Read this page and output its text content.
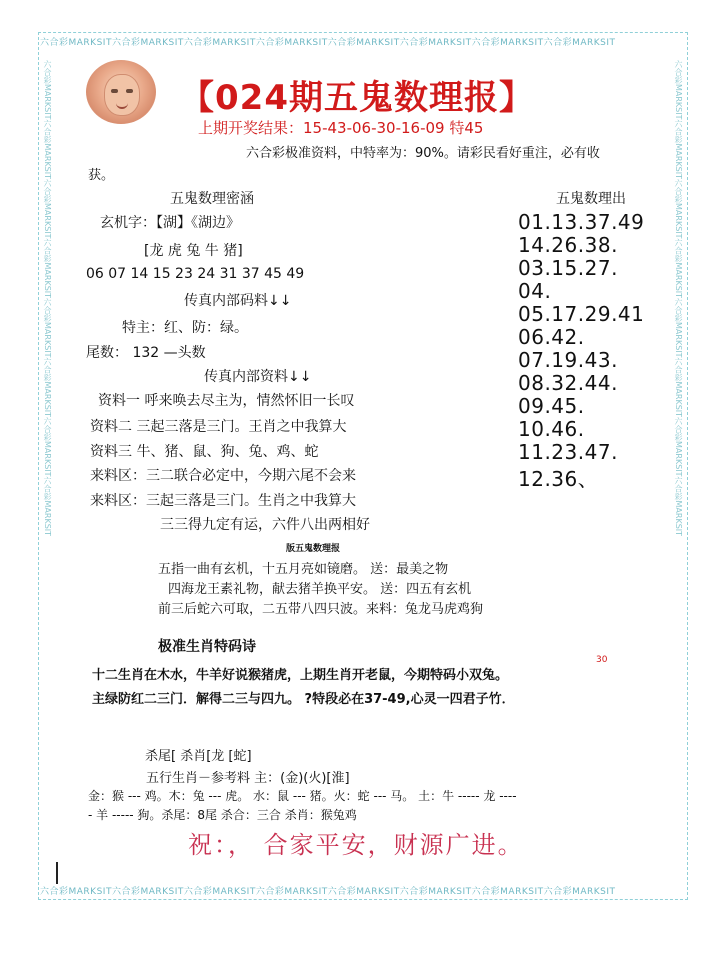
六合彩MARKSIT六合彩MARKSIT六合彩MARKSIT六合彩MARKSIT六合彩MARKSIT六合彩MARKSIT六合彩MARKSIT六合彩MARKSIT
六合彩MARKSIT六合彩MARKSIT六合彩MARKSIT六合彩MARKSIT六合彩MARKSIT六合彩MARKSIT六合彩MARKSIT六合彩MARKSIT
六合彩MARKSIT六合彩MARKSIT六合彩MARKSIT六合彩MARKSIT六合彩MARKSIT六合彩MARKSIT六合彩MARKSIT六合彩MARKSIT	六合彩MARKSIT六合彩MARKSIT六合彩MARKSIT六合彩MARKSIT六合彩MARKSIT六合彩MARKSIT六合彩MARKSIT六合彩MARKSIT
【024期五鬼数理报】
上期开奖结果：15-43-06-30-16-09 特45
六合彩极准资料，中特率为：90%。请彩民看好重注，必有收
获。
五鬼数理密涵	五鬼数理出
玄机字：【湖】《湖边》
[龙 虎 兔 牛 猪]
06 07 14 15 23 24 31 37 45 49
传真内部码料↓↓
特主：红、防：绿。
尾数： 132 —头数
传真内部资料↓↓
资料一 呼来唤去尽主为，情然怀旧一长叹
资料二 三起三落是三门。王肖之中我算大
资料三 牛、猪、鼠、狗、兔、鸡、蛇
来料区：三二联合必定中，今期六尾不会来
来料区：三起三落是三门。生肖之中我算大
三三得九定有运，六件八出两相好
01.13.37.49
14.26.38.
03.15.27.
04.
05.17.29.41
06.42.
07.19.43.
08.32.44.
09.45.
10.46.
11.23.47.
12.36、
版五鬼数理报
五指一曲有玄机，十五月亮如镜磨。 送：最美之物
四海龙王素礼物，献去猪羊换平安。 送：四五有玄机
前三后蛇六可取，二五带八四只波。来料：兔龙马虎鸡狗
极准生肖特码诗
十二生肖在木水，牛羊好说猴猪虎，上期生肖开老鼠，今期特码小双兔。
30
主绿防红二三门．解得二三与四九。 ?特段必在37-49,心灵一四君子竹．
杀尾[ 杀肖[龙 [蛇]
五行生肖－参考料 主：(金)(火)[淮]
金：猴 --- 鸡。木：兔 --- 虎。 水：鼠 --- 猪。火：蛇 --- 马。 土：牛 ----- 龙 ----
- 羊 ----- 狗。杀尾：8尾 杀合：三合 杀肖：猴兔鸡
祝：， 合家平安，财源广进。
